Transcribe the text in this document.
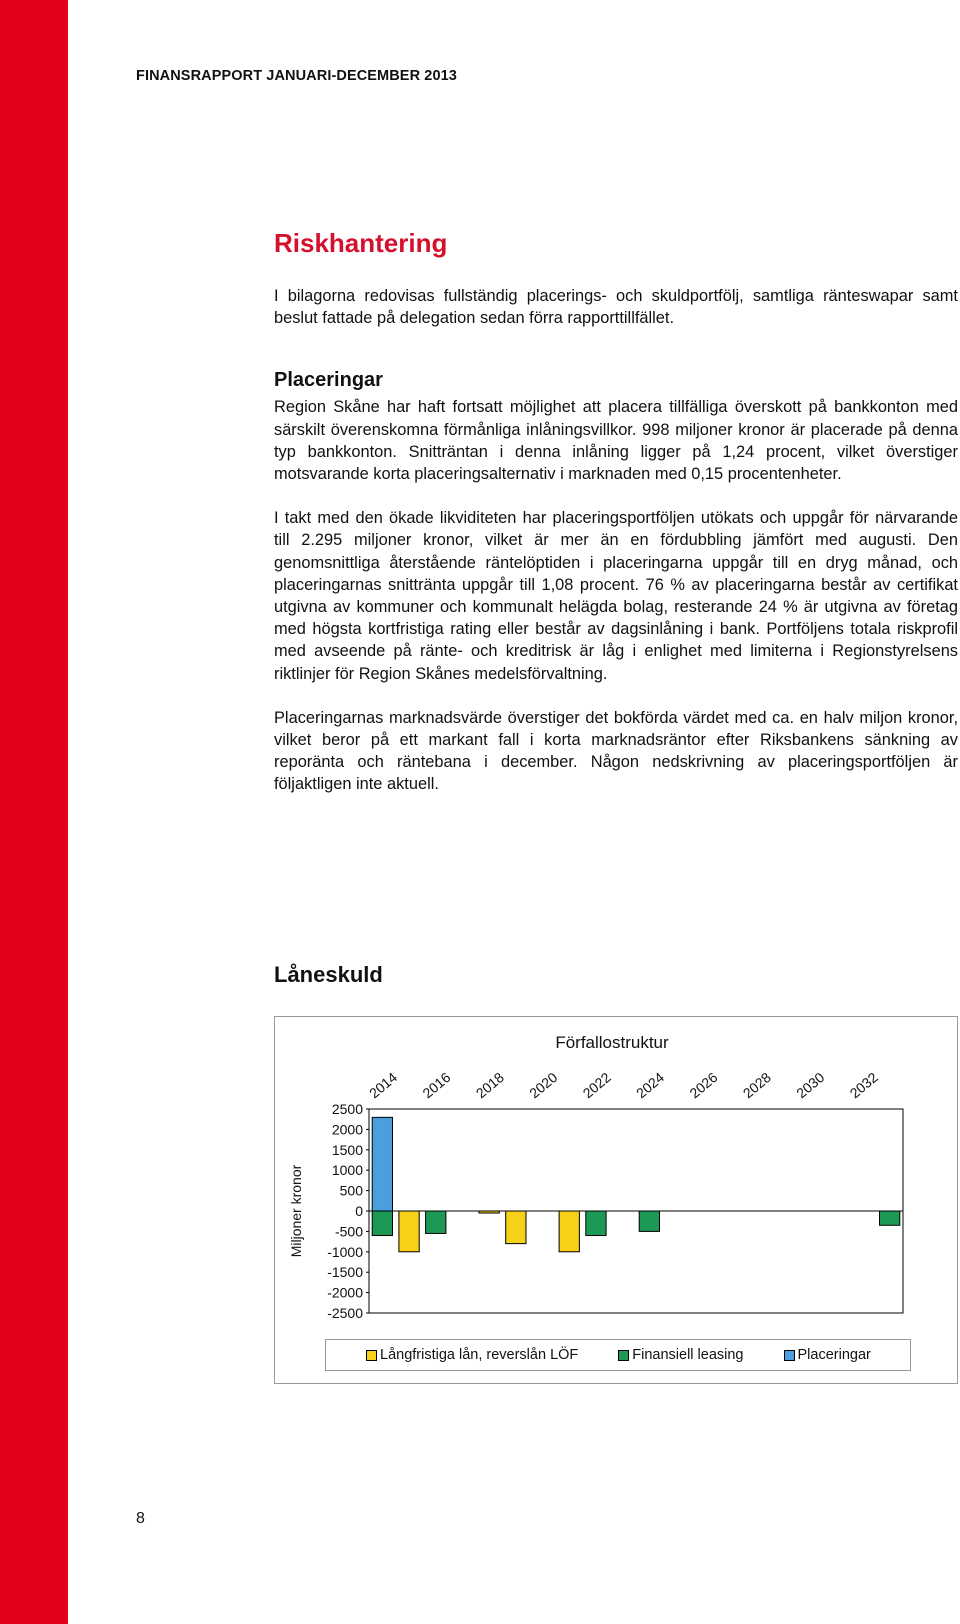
FINANSRAPPORT JANUARI-DECEMBER 2013
Riskhantering

I bilagorna redovisas fullständig placerings- och skuldportfölj, samtliga ränteswapar samt beslut fattade på delegation sedan förra rapporttillfället.

Placeringar

Region Skåne har haft fortsatt möjlighet att placera tillfälliga överskott på bankkonton med särskilt överenskomna förmånliga inlåningsvillkor. 998 miljoner kronor är placerade på denna typ bankkonton. Snitträntan i denna inlåning ligger på 1,24 procent, vilket överstiger motsvarande korta placeringsalternativ i marknaden med 0,15 procentenheter.

I takt med den ökade likviditeten har placeringsportföljen utökats och uppgår för närvarande till 2.295 miljoner kronor, vilket är mer än en fördubbling jämfört med augusti. Den genomsnittliga återstående räntelöptiden i placeringarna uppgår till en dryg månad, och placeringarnas snittränta uppgår till 1,08 procent. 76 % av placeringarna består av certifikat utgivna av kommuner och kommunalt helägda bolag, resterande 24 % är utgivna av företag med högsta kortfristiga rating eller består av dagsinlåning i bank. Portföljens totala riskprofil med avseende på ränte- och kreditrisk är låg i enlighet med limiterna i Regionstyrelsens riktlinjer för Region Skånes medelsförvaltning.

Placeringarnas marknadsvärde överstiger det bokförda värdet med ca. en halv miljon kronor, vilket beror på ett markant fall i korta marknadsräntor efter Riksbankens sänkning av reporänta och räntebana i december. Någon nedskrivning av placeringsportföljen är följaktligen inte aktuell.

Låneskuld
Förfallostruktur
Miljoner kronor
2500
2000
1500
1000
500
0
-500
-1000
-1500
-2000
-2500
2014 2016 2018 2020 2022 2024 2026 2028 2030 2032
Långfristiga lån, reverslån LÖF	Finansiell leasing	Placeringar
8
